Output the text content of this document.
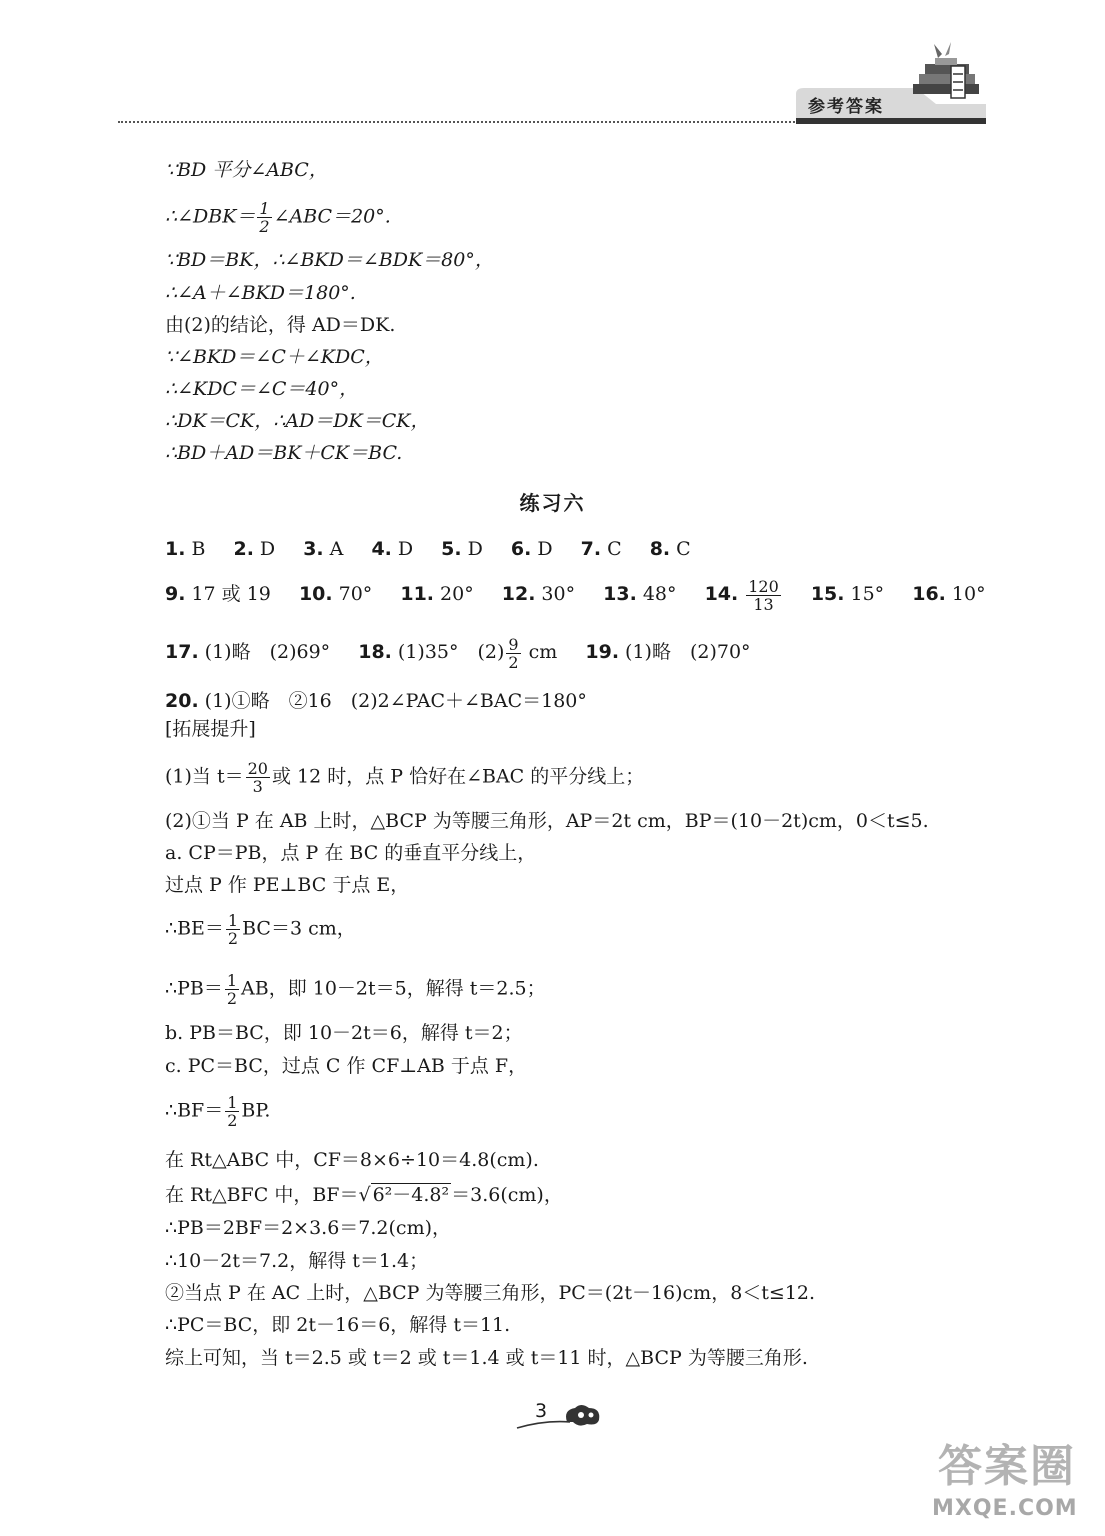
参考答案
∵BD 平分∠ABC，
∴∠DBK＝ $\frac{1}{2}$ ∠ABC＝20°.
∵BD＝BK，∴∠BKD＝∠BDK＝80°，
∴∠A＋∠BKD＝180°.
由(2)的结论，得 AD＝DK.
∵∠BKD＝∠C＋∠KDC，
∴∠KDC＝∠C＝40°，
∴DK＝CK，∴AD＝DK＝CK，
∴BD＋AD＝BK＋CK＝BC.
练习六
1. B 2. D 3. A 4. D 5. D 6. D 7. C 8. C
9. 17 或 19 10. 70° 11. 20° 12. 30° 13. 48° 14. $\frac{120}{13} 15$. 15° 16. 10°
17. (1)略　(2)69° 18. (1)35°　$(2) \frac{9}{2}$ cm 19. (1)略　(2)70°
20. (1)①略　②16　(2)2∠PAC＋∠BAC＝180°
[拓展提升]
(1)当 $t= \frac{20}{3}$ 或 12 时，点 P 恰好在∠BAC 的平分线上；
(2)①当 P 在 AB 上时，△BCP 为等腰三角形，AP＝2t cm，BP＝(10－2t)cm，0＜t≤5.
a. CP＝PB，点 P 在 BC 的垂直平分线上，
过点 P 作 PE⊥BC 于点 E，
∴BE＝ $\frac{1}{2} BC=3$ cm，
∴PB＝ $\frac{1}{2}$ AB，即 10－2t＝5，解得 t＝2.5；
b. PB＝BC，即 10－2t＝6，解得 t＝2；
c. PC＝BC，过点 C 作 CF⊥AB 于点 F，
∴BF＝ $\frac{1}{2}$ BP.
在 Rt△ABC 中，CF＝8×6÷10＝4.8(cm).
在 Rt△BFC 中，BF＝√ 6²－4.8² ＝3.6(cm)，
∴PB＝2BF＝2×3.6＝7.2(cm)，
∴10－2t＝7.2，解得 t＝1.4；
②当点 P 在 AC 上时，△BCP 为等腰三角形，PC＝(2t－16)cm，8＜t≤12.
∴PC＝BC，即 2t－16＝6，解得 t＝11.
综上可知，当 t＝2.5 或 t＝2 或 t＝1.4 或 t＝11 时，△BCP 为等腰三角形.
3
答案圈
MXQE.COM
